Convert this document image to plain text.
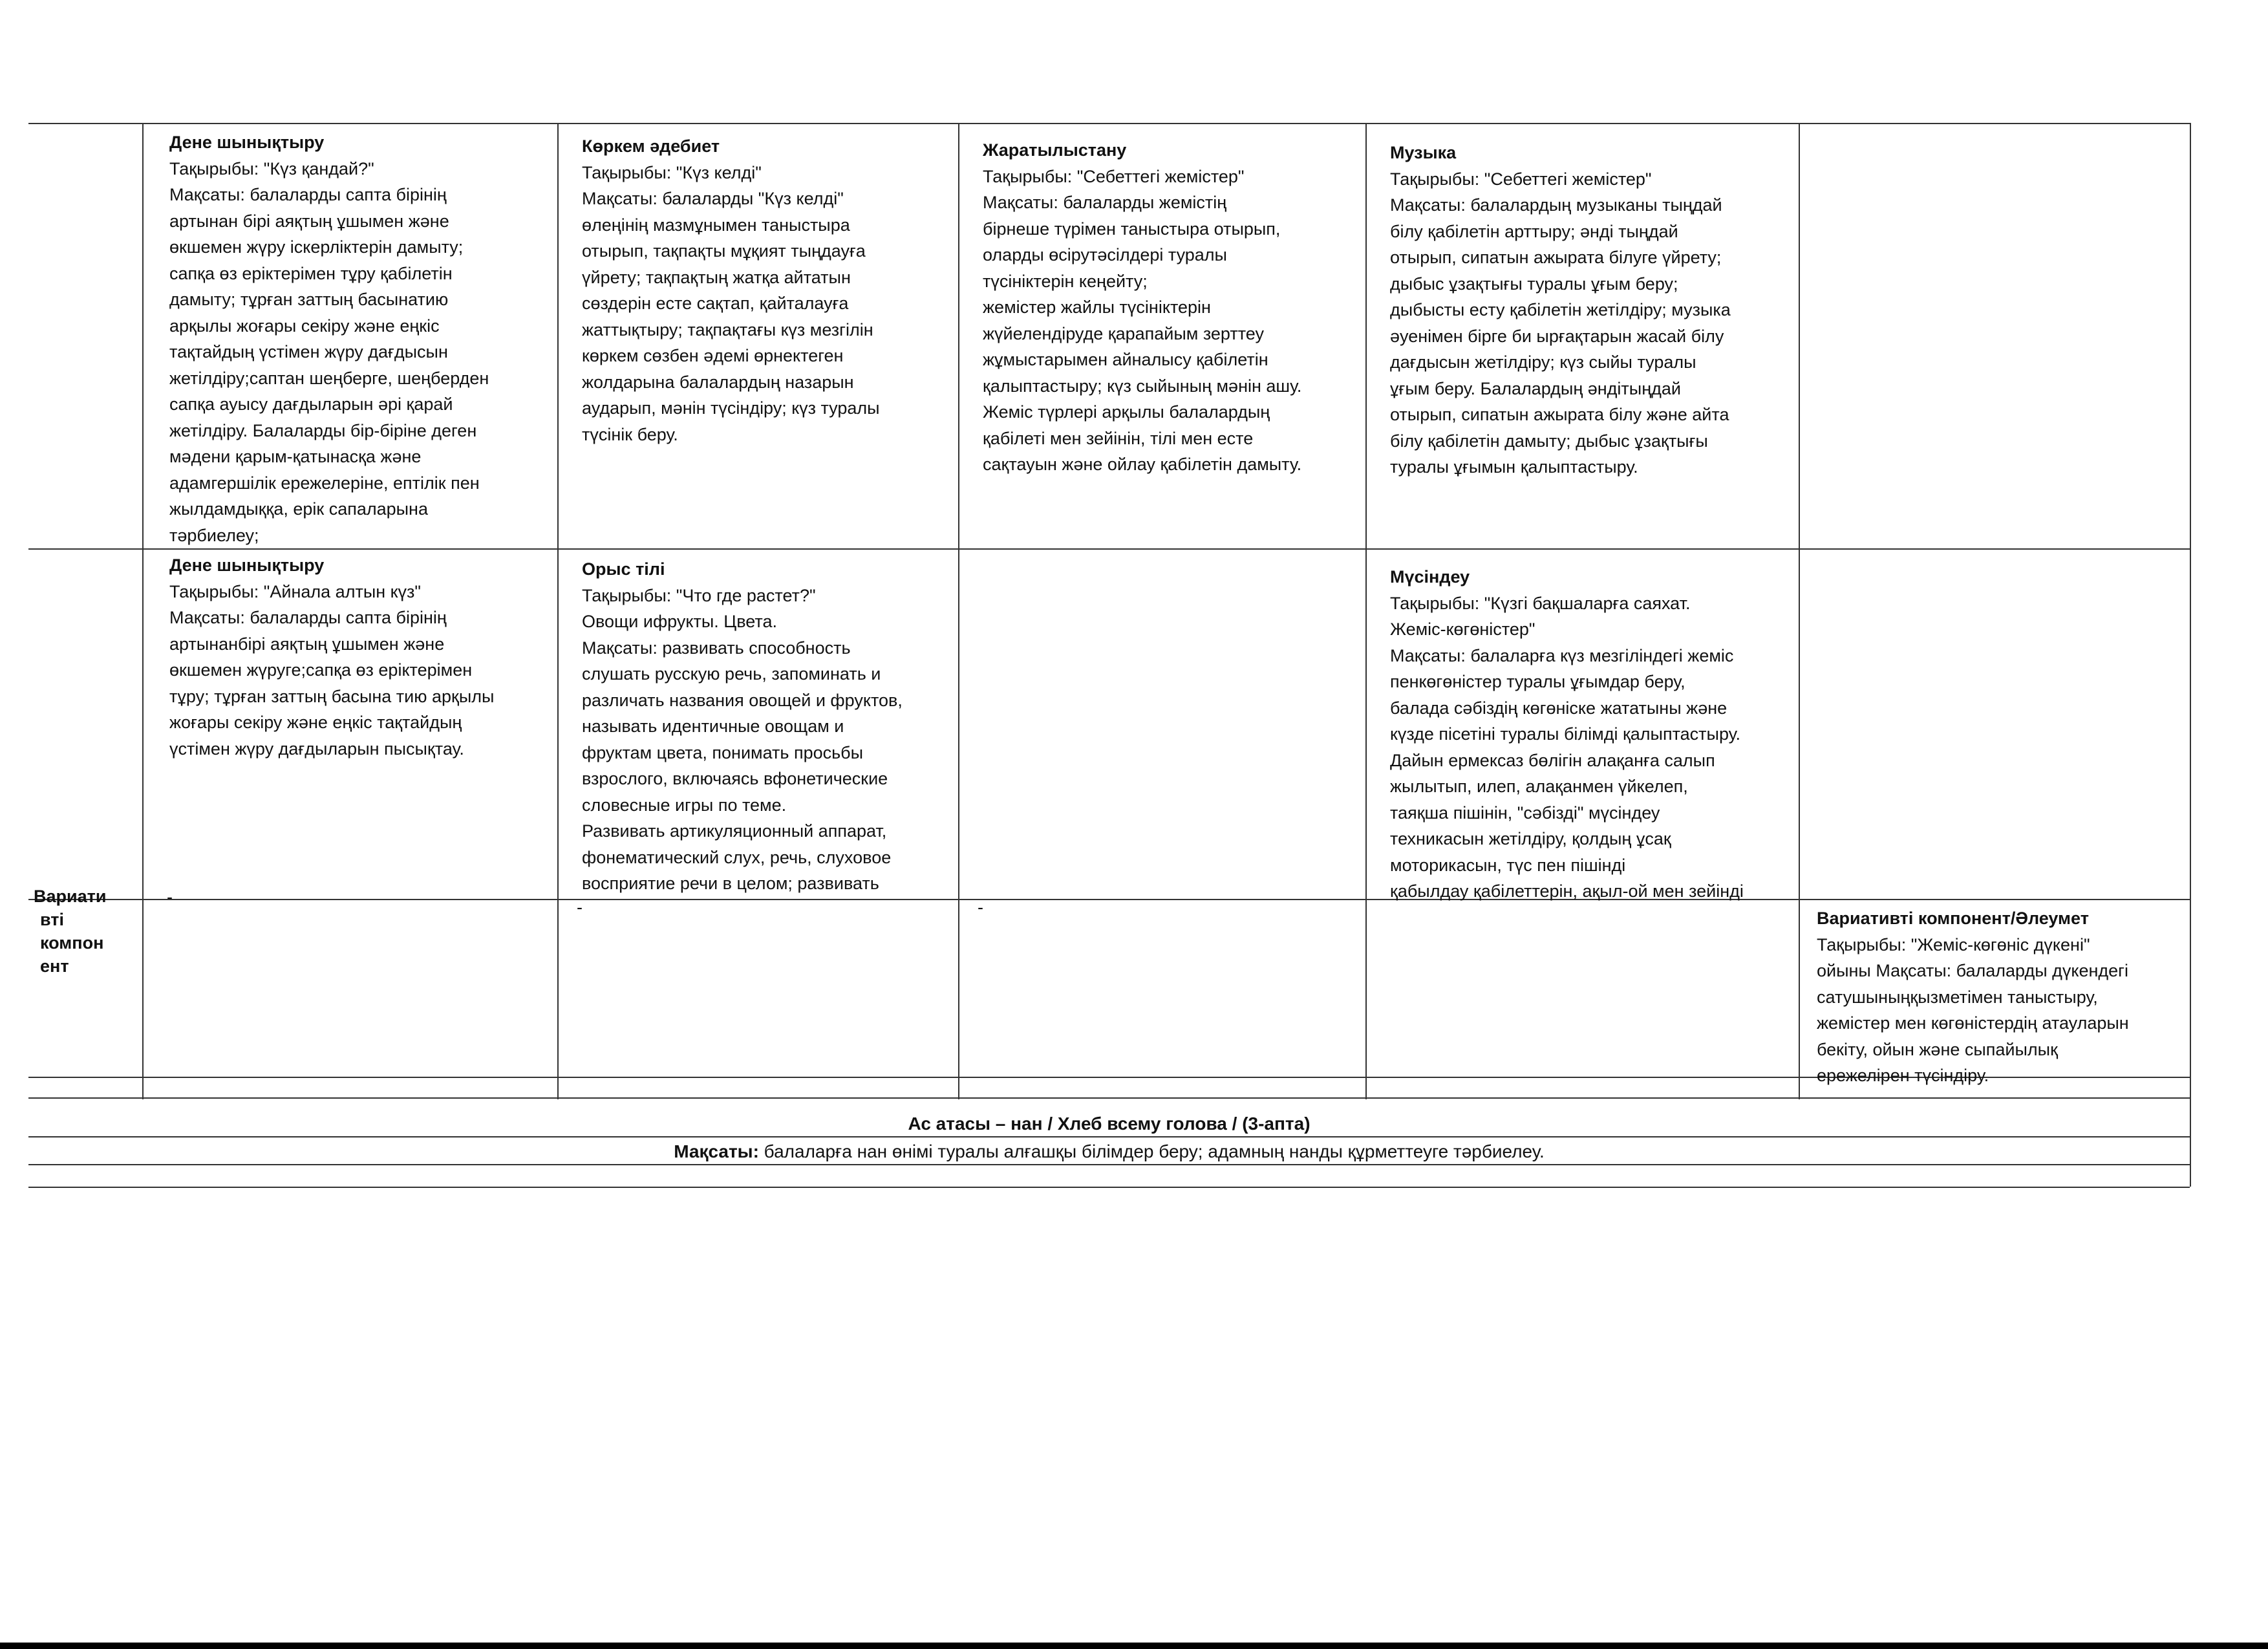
Дене шынықтыру

Тақырыбы: "Күз қандай?"

Мақсаты: балаларды сапта бірінің

артынан бірі аяқтың ұшымен және

өкшемен жүру іскерліктерін дамыту;

сапқа өз еріктерімен тұру қабілетін

дамыту; тұрған заттың басынатию

арқылы жоғары секіру және еңкіс

тақтайдың үстімен жүру дағдысын

жетілдіру;саптан шеңберге, шеңберден

сапқа ауысу дағдыларын әрі қарай

жетілдіру. Балаларды бір-біріне деген

мәдени қарым-қатынасқа және

адамгершілік ережелеріне, ептілік пен

жылдамдыққа, ерік сапаларына

тәрбиелеу;

Көркем әдебиет

Тақырыбы: "Күз келді"

Мақсаты: балаларды "Күз келді"

өлеңінің мазмұнымен таныстыра

отырып, тақпақты мұқият тыңдауға

үйрету; тақпақтың жатқа айтатын

сөздерін есте сақтап, қайталауға

жаттықтыру; тақпақтағы күз мезгілін

көркем сөзбен әдемі өрнектеген

жолдарына балалардың назарын

аударып, мәнін түсіндіру; күз туралы

түсінік беру.

Жаратылыстану

Тақырыбы: "Себеттегі жемістер"

Мақсаты: балаларды жемістің

бірнеше түрімен таныстыра отырып,

оларды өсірутәсілдері туралы

түсініктерін кеңейту;

жемістер жайлы түсініктерін

жүйелендіруде қарапайым зерттеу

жұмыстарымен айналысу қабілетін

қалыптастыру; күз сыйының мәнін ашу.

Жеміс түрлері арқылы балалардың

қабілеті мен зейінін, тілі мен есте

сақтауын және ойлау қабілетін дамыту.

Музыка

Тақырыбы: "Себеттегі жемістер"

Мақсаты: балалардың музыканы тыңдай

білу қабілетін арттыру; әнді тыңдай

отырып, сипатын ажырата білуге үйрету;

дыбыс ұзақтығы туралы ұғым беру;

дыбысты есту қабілетін жетілдіру; музыка

әуенімен бірге би ырғақтарын жасай білу

дағдысын жетілдіру; күз сыйы туралы

ұғым беру. Балалардың әндітыңдай

отырып, сипатын ажырата білу және айта

білу қабілетін дамыту; дыбыс ұзақтығы

туралы ұғымын қалыптастыру.

Дене шынықтыру

Тақырыбы: "Айнала алтын күз"

Мақсаты: балаларды сапта бірінің

артынанбірі аяқтың ұшымен және

өкшемен жүруге;сапқа өз еріктерімен

тұру; тұрған заттың басына тию арқылы

жоғары секіру және еңкіс тақтайдың

үстімен жүру дағдыларын пысықтау.

Орыс тілі

Тақырыбы: "Что где растет?"

Овощи ифрукты. Цвета.

Мақсаты: развивать способность

слушать русскую речь, запоминать и

различать названия овощей и фруктов,

называть идентичные овощам и

фруктам цвета, понимать просьбы

взрослого, включаясь вфонетические

словесные игры по теме.

Развивать артикуляционный аппарат,

фонематический слух, речь, слуховое

восприятие речи в целом; развивать

Мүсіндеу

Тақырыбы: "Күзгі бақшаларға саяхат.

Жеміс-көгөністер"

Мақсаты: балаларға күз мезгіліндегі жеміс

пенкөгөністер туралы ұғымдар беру,

балада сәбіздің көгөніске жататыны және

күзде пісетіні туралы білімді қалыптастыру.

Дайын ермексаз бөлігін алақанға салып

жылытып, илеп, алақанмен үйкелеп,

таяқша пішінін, "сәбізді" мүсіндеу

техникасын жетілдіру, қолдың ұсақ

моторикасын, түс пен пішінді

қабылдау қабілеттерін, ақыл-ой мен зейінді

Вариати
вті
компон
ент
-
-	-
Вариативті компонент/Әлеумет

Тақырыбы: "Жеміс-көгөніс дүкені"

ойыны Мақсаты: балаларды дүкендегі

сатушыныңқызметімен таныстыру,

жемістер мен көгөністердің атауларын

бекіту, ойын және сыпайылық

ережелірен түсіндіру.

Ас атасы – нан / Хлеб всему голова / (3-апта)
Мақсаты: балаларға нан өнімі туралы алғашқы білімдер беру; адамның нанды құрметтеуге тәрбиелеу.
